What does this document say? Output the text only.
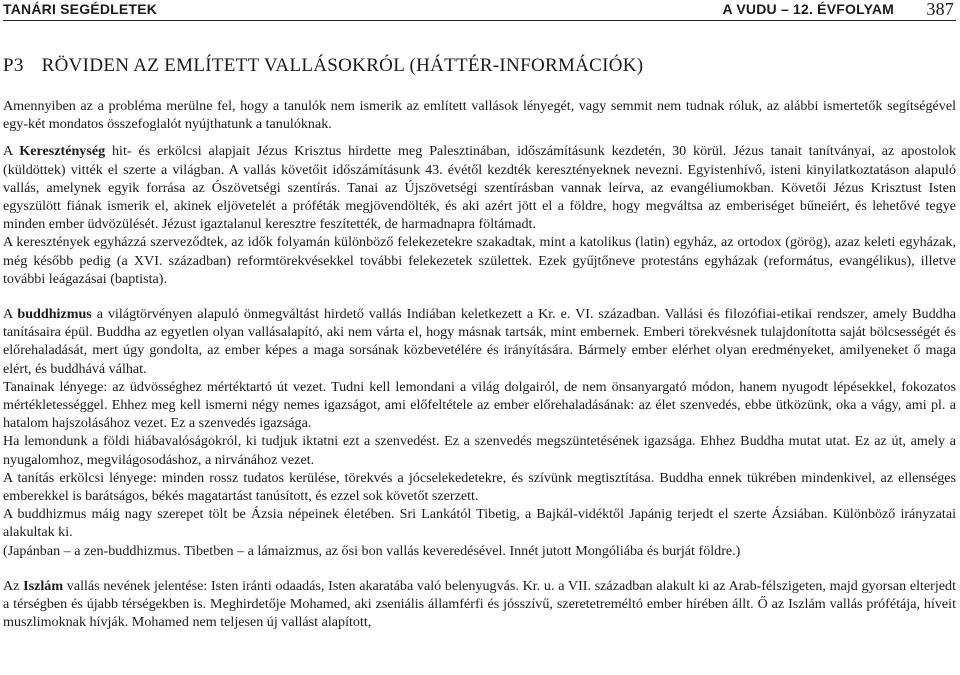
TANÁRI SEGÉDLETEK	A VUDU – 12. ÉVFOLYAM 387
P3 RÖVIDEN AZ EMLÍTETT VALLÁSOKRÓL (HÁTTÉR-INFORMÁCIÓK)

Amennyiben az a probléma merülne fel, hogy a tanulók nem ismerik az említett vallások lényegét, vagy semmit nem tudnak róluk, az alábbi ismertetők segítségével egy-két mondatos összefoglalót nyújthatunk a tanulóknak.

A Kereszténység hit- és erkölcsi alapjait Jézus Krisztus hirdette meg Palesztinában, időszámításunk kezdetén, 30 körül. Jézus tanait tanítványai, az apostolok (küldöttek) vitték el szerte a világban. A vallás követőit időszámításunk 43. évétől kezdték keresztényeknek nevezni. Egyistenhívő, isteni kinyilatkoztatáson alapuló vallás, amelynek egyik forrása az Ószövetségi szentírás. Tanai az Újszövetségi szentírásban vannak leírva, az evangéliumokban. Követői Jézus Krisztust Isten egyszülött fiának ismerik el, akinek eljövetelét a próféták megjövendölték, és aki azért jött el a földre, hogy megváltsa az emberiséget bűneiért, és lehetővé tegye minden ember üdvözülését. Jézust igaztalanul keresztre feszítették, de harmadnapra föltámadt.

A keresztények egyházzá szerveződtek, az idők folyamán különböző felekezetekre szakadtak, mint a katolikus (latin) egyház, az ortodox (görög), azaz keleti egyházak, még később pedig (a XVI. században) reformtörekvésekkel további felekezetek születtek. Ezek gyűjtőneve protestáns egyházak (református, evangélikus), illetve további leágazásai (baptista).

A buddhizmus a világtörvényen alapuló önmegváltást hirdető vallás Indiában keletkezett a Kr. e. VI. században. Vallási és filozófiai-etikai rendszer, amely Buddha tanításaira épül. Buddha az egyetlen olyan vallásalapító, aki nem várta el, hogy másnak tartsák, mint embernek. Emberi törekvésnek tulajdonította saját bölcsességét és előrehaladását, mert úgy gondolta, az ember képes a maga sorsának közbevetélére és irányítására. Bármely ember elérhet olyan eredményeket, amilyeneket ő maga elért, és buddhává válhat.

Tanainak lényege: az üdvösséghez mértéktartó út vezet. Tudni kell lemondani a világ dolgairól, de nem önsanyargató módon, hanem nyugodt lépésekkel, fokozatos mértékletességgel. Ehhez meg kell ismerni négy nemes igazságot, ami előfeltétele az ember előrehaladásának: az élet szenvedés, ebbe ütközünk, oka a vágy, ami pl. a hatalom hajszolásához vezet. Ez a szenvedés igazsága.

Ha lemondunk a földi hiábavalóságokról, ki tudjuk iktatni ezt a szenvedést. Ez a szenvedés megszüntetésének igazsága. Ehhez Buddha mutat utat. Ez az út, amely a nyugalomhoz, megvilágosodáshoz, a nirvánához vezet.

A tanítás erkölcsi lényege: minden rossz tudatos kerülése, törekvés a jócselekedetekre, és szívünk megtisztítása. Buddha ennek tükrében mindenkivel, az ellenséges emberekkel is barátságos, békés magatartást tanúsított, és ezzel sok követőt szerzett.

A buddhizmus máig nagy szerepet tölt be Ázsia népeinek életében. Sri Lankától Tibetig, a Bajkál-vidéktől Japánig terjedt el szerte Ázsiában. Különböző irányzatai alakultak ki.

(Japánban – a zen-buddhizmus. Tibetben – a lámaizmus, az ősi bon vallás keveredésével. Innét jutott Mongóliába és burját földre.)

Az Iszlám vallás nevének jelentése: Isten iránti odaadás, Isten akaratába való belenyugvás. Kr. u. a VII. században alakult ki az Arab-félszigeten, majd gyorsan elterjedt a térségben és újabb térségekben is. Meghirdetője Mohamed, aki zseniális államférfi és jósszívű, szeretetreméltó ember hírében állt. Ő az Iszlám vallás prófétája, híveit muszlimoknak hívják. Mohamed nem teljesen új vallást alapított,
